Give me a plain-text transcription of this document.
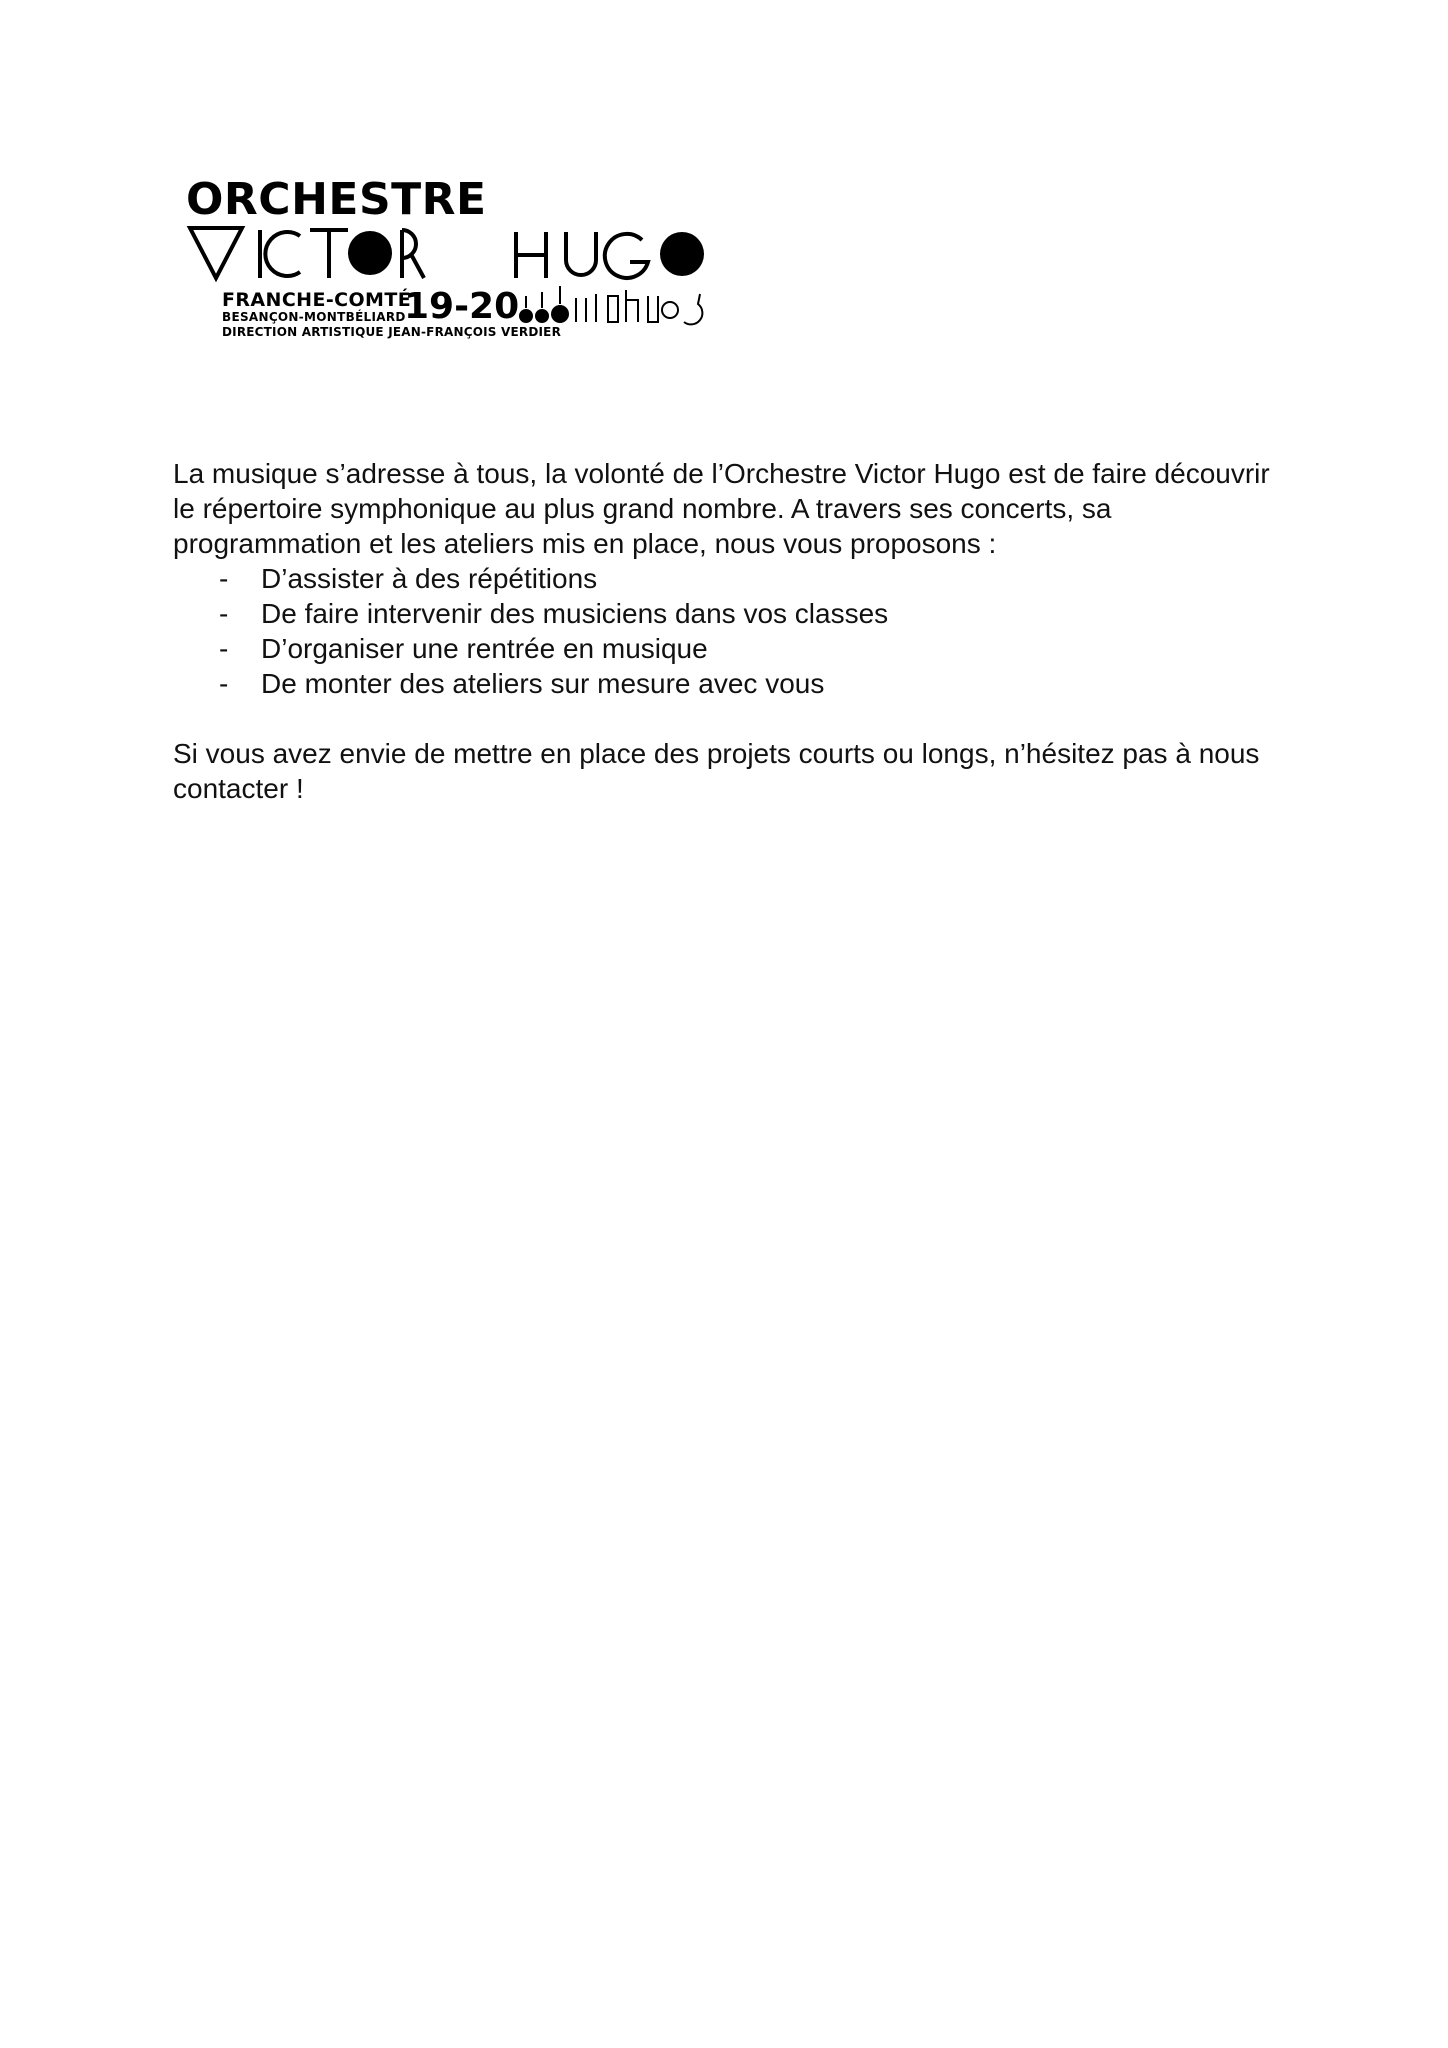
ORCHESTRE
FRANCHE-COMTÉ
BESANÇON-MONTBÉLIARD
DIRECTION ARTISTIQUE JEAN-FRANÇOIS VERDIER
19-20

La musique s’adresse à tous, la volonté de l’Orchestre Victor Hugo est de faire découvrir le répertoire symphonique au plus grand nombre. A travers ses concerts, sa programmation et les ateliers mis en place, nous vous proposons :

- D’assister à des répétitions
- De faire intervenir des musiciens dans vos classes
- D’organiser une rentrée en musique
- De monter des ateliers sur mesure avec vous

Si vous avez envie de mettre en place des projets courts ou longs, n’hésitez pas à nous contacter !
